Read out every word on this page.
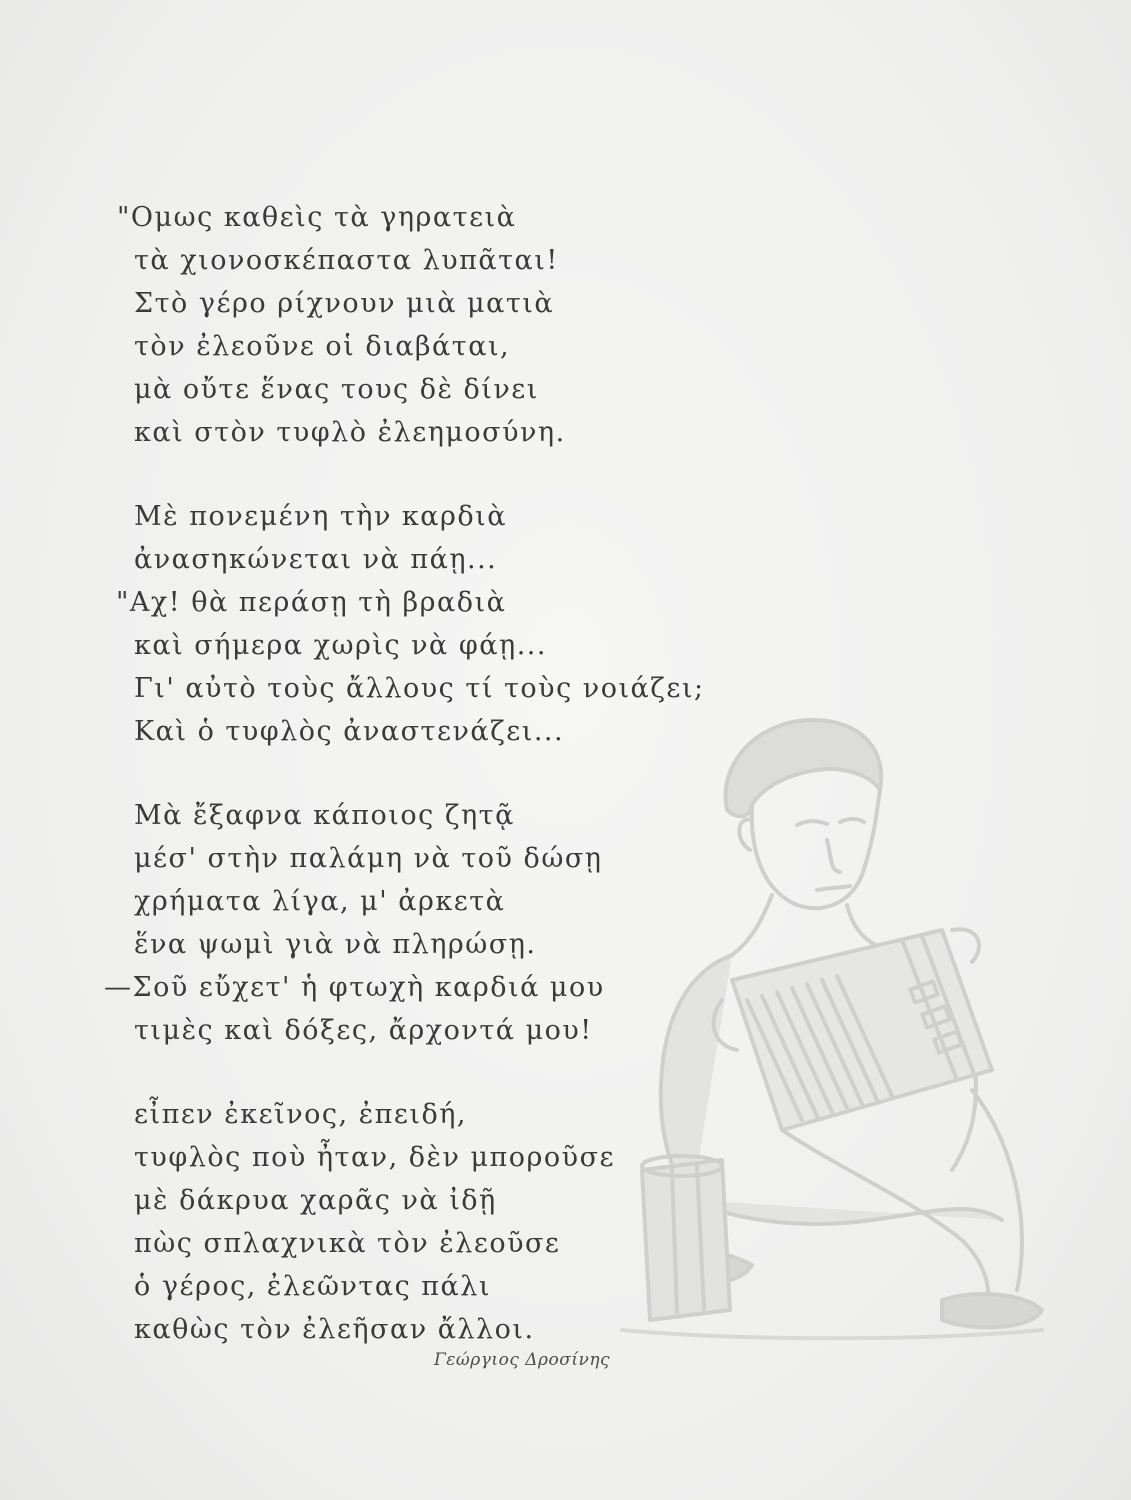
"Ομως καθεὶς τὰ γηρατειὰ
τὰ χιονοσκέπαστα λυπᾶται!
Στὸ γέρο ρίχνουν μιὰ ματιὰ
τὸν ἐλεοῦνε οἱ διαβάται,
μὰ οὔτε ἕνας τους δὲ δίνει
καὶ στὸν τυφλὸ ἐλεημοσύνη.
Μὲ πονεμένη τὴν καρδιὰ
ἀνασηκώνεται νὰ πάῃ...
"Αχ! θὰ περάσῃ τὴ βραδιὰ
καὶ σήμερα χωρὶς νὰ φάῃ...
Γι' αὐτὸ τοὺς ἄλλους τί τοὺς νοιάζει;
Καὶ ὁ τυφλὸς ἀναστενάζει...
Μὰ ἔξαφνα κάποιος ζητᾷ
μέσ' στὴν παλάμη νὰ τοῦ δώσῃ
χρήματα λίγα, μ' ἀρκετὰ
ἕνα ψωμὶ γιὰ νὰ πληρώσῃ.
—Σοῦ εὔχετ' ἡ φτωχὴ καρδιά μου
τιμὲς καὶ δόξες, ἄρχοντά μου!
εἶπεν ἐκεῖνος, ἐπειδή,
τυφλὸς ποὺ ἦταν, δὲν μποροῦσε
μὲ δάκρυα χαρᾶς νὰ ἰδῇ
πὼς σπλαχνικὰ τὸν ἐλεοῦσε
ὁ γέρος, ἐλεῶντας πάλι
καθὼς τὸν ἐλεῆσαν ἄλλοι.
Γεώργιος Δροσίνης
